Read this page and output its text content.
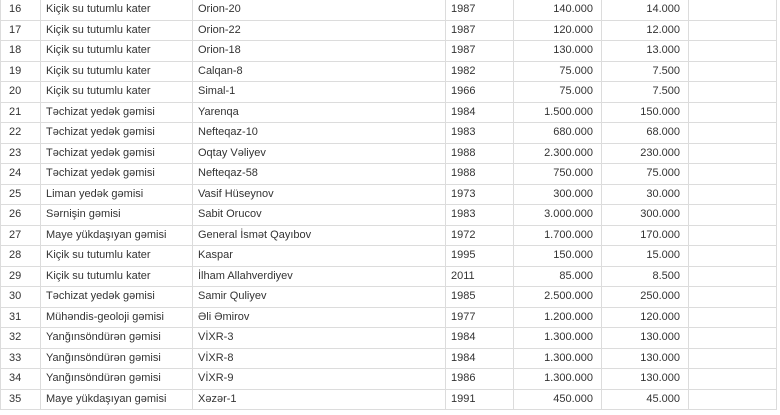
16	Kiçik su tutumlu kater	Orion-20	1987	140.000	14.000	
17	Kiçik su tutumlu kater	Orion-22	1987	120.000	12.000	
18	Kiçik su tutumlu kater	Orion-18	1987	130.000	13.000	
19	Kiçik su tutumlu kater	Calqan-8	1982	75.000	7.500	
20	Kiçik su tutumlu kater	Simal-1	1966	75.000	7.500	
21	Təchizat yedək gəmisi	Yarenqa	1984	1.500.000	150.000	
22	Təchizat yedək gəmisi	Nefteqaz-10	1983	680.000	68.000	
23	Təchizat yedək gəmisi	Oqtay Vəliyev	1988	2.300.000	230.000	
24	Təchizat yedək gəmisi	Nefteqaz-58	1988	750.000	75.000	
25	Liman yedək gəmisi	Vasif Hüseynov	1973	300.000	30.000	
26	Sərnişin gəmisi	Sabit Orucov	1983	3.000.000	300.000	
27	Maye yükdaşıyan gəmisi	General İsmət Qayıbov	1972	1.700.000	170.000	
28	Kiçik su tutumlu kater	Kaspar	1995	150.000	15.000	
29	Kiçik su tutumlu kater	İlham Allahverdiyev	2011	85.000	8.500	
30	Təchizat yedək gəmisi	Samir Quliyev	1985	2.500.000	250.000	
31	Mühəndis-geoloji gəmisi	Əli Əmirov	1977	1.200.000	120.000	
32	Yanğınsöndürən gəmisi	VİXR-3	1984	1.300.000	130.000	
33	Yanğınsöndürən gəmisi	VİXR-8	1984	1.300.000	130.000	
34	Yanğınsöndürən gəmisi	VİXR-9	1986	1.300.000	130.000	
35	Maye yükdaşıyan gəmisi	Xəzər-1	1991	450.000	45.000	
